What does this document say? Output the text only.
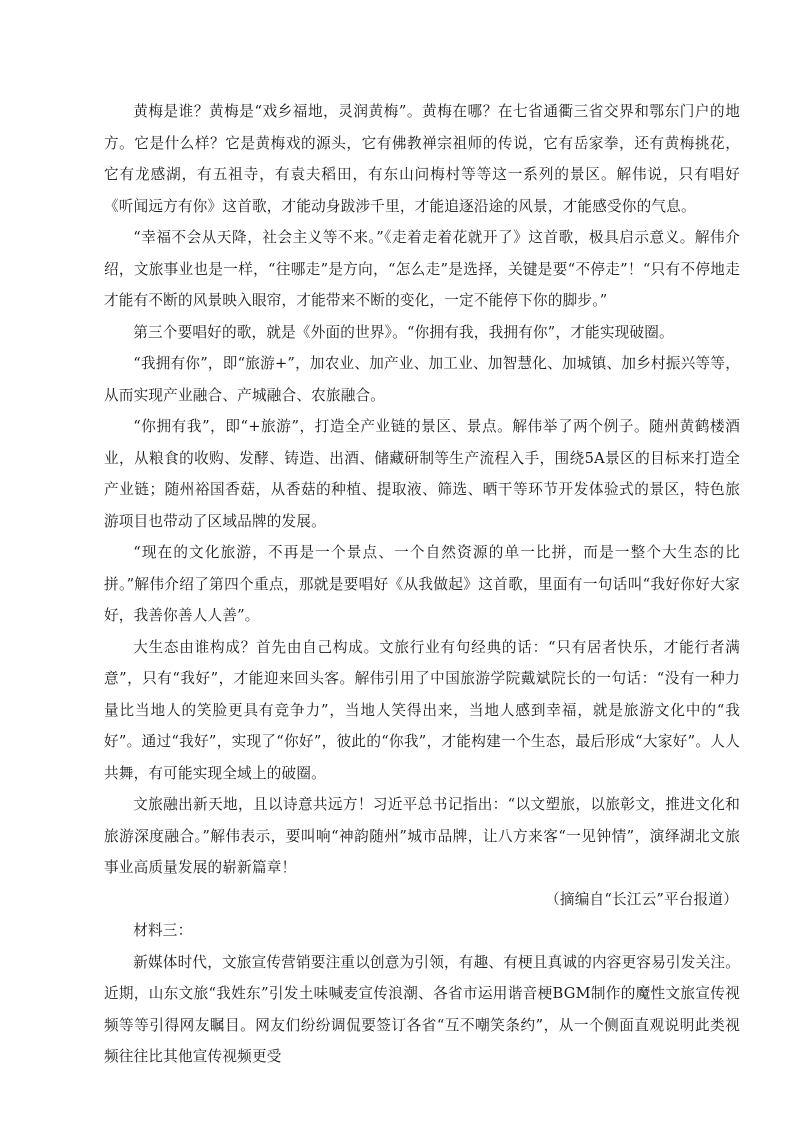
黄梅是谁？黄梅是“戏乡福地，灵润黄梅”。黄梅在哪？在七省通衢三省交界和鄂东门户的地方。它是什么样？它是黄梅戏的源头，它有佛教禅宗祖师的传说，它有岳家拳，还有黄梅挑花，它有龙感湖，有五祖寺，有袁夫稻田，有东山问梅村等等这一系列的景区。解伟说，只有唱好《听闻远方有你》这首歌，才能动身跋涉千里，才能追逐沿途的风景，才能感受你的气息。

“幸福不会从天降，社会主义等不来。”《走着走着花就开了》这首歌，极具启示意义。解伟介绍，文旅事业也是一样，“往哪走”是方向，“怎么走”是选择，关键是要“不停走”！“只有不停地走才能有不断的风景映入眼帘，才能带来不断的变化，一定不能停下你的脚步。”

第三个要唱好的歌，就是《外面的世界》。“你拥有我，我拥有你”，才能实现破圈。

“我拥有你”，即“旅游+”，加农业、加产业、加工业、加智慧化、加城镇、加乡村振兴等等，从而实现产业融合、产城融合、农旅融合。

“你拥有我”，即“+旅游”，打造全产业链的景区、景点。解伟举了两个例子。随州黄鹤楼酒业，从粮食的收购、发酵、铸造、出酒、储藏研制等生产流程入手，围绕5A景区的目标来打造全产业链；随州裕国香菇，从香菇的种植、提取液、筛选、晒干等环节开发体验式的景区，特色旅游项目也带动了区域品牌的发展。

“现在的文化旅游，不再是一个景点、一个自然资源的单一比拼，而是一整个大生态的比拼。”解伟介绍了第四个重点，那就是要唱好《从我做起》这首歌，里面有一句话叫“我好你好大家好，我善你善人人善”。

大生态由谁构成？首先由自己构成。文旅行业有句经典的话：“只有居者快乐，才能行者满意”，只有“我好”，才能迎来回头客。解伟引用了中国旅游学院戴斌院长的一句话：“没有一种力量比当地人的笑脸更具有竞争力”，当地人笑得出来，当地人感到幸福，就是旅游文化中的“我好”。通过“我好”，实现了“你好”，彼此的“你我”，才能构建一个生态，最后形成“大家好”。人人共舞，有可能实现全域上的破圈。

文旅融出新天地，且以诗意共远方！习近平总书记指出：“以文塑旅，以旅彰文，推进文化和旅游深度融合。”解伟表示，要叫响“神韵随州”城市品牌，让八方来客“一见钟情”，演绎湖北文旅事业高质量发展的崭新篇章！

（摘编自“长江云”平台报道）

材料三：

新媒体时代，文旅宣传营销要注重以创意为引领，有趣、有梗且真诚的内容更容易引发关注。近期，山东文旅“我姓东”引发土味喊麦宣传浪潮、各省市运用谐音梗BGM制作的魔性文旅宣传视频等等引得网友瞩目。网友们纷纷调侃要签订各省“互不嘲笑条约”，从一个侧面直观说明此类视频往往比其他宣传视频更受
